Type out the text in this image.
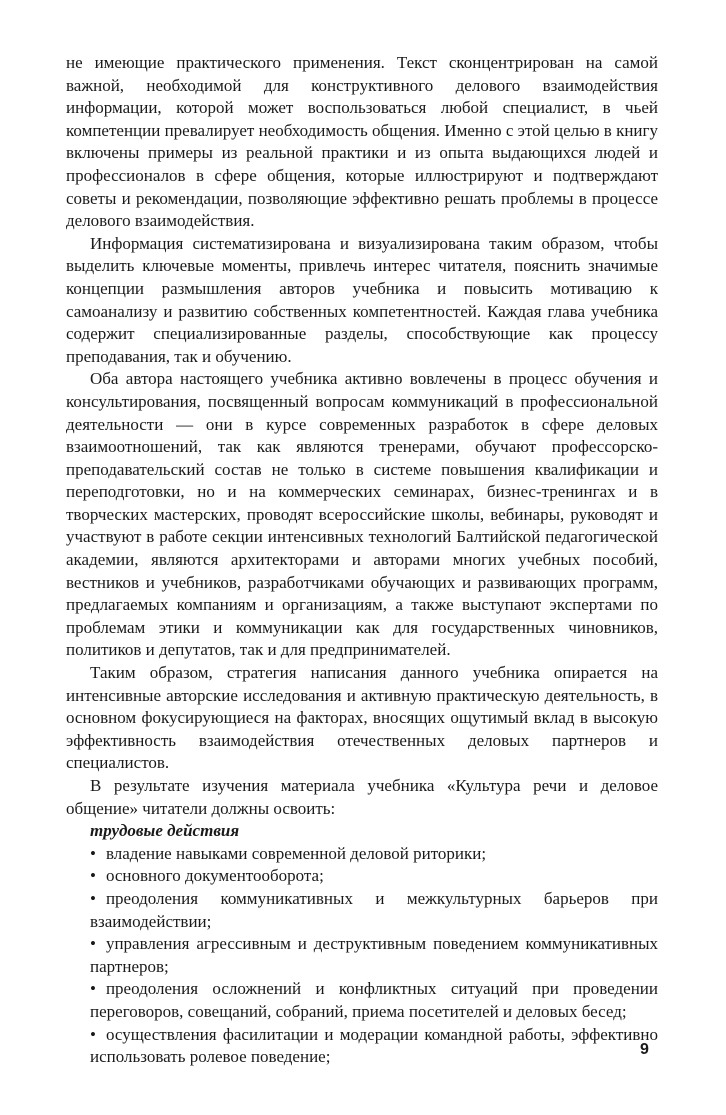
не имеющие практического применения. Текст сконцентрирован на самой важной, необходимой для конструктивного делового взаимодействия информации, которой может воспользоваться любой специалист, в чьей компетенции превалирует необходимость общения. Именно с этой целью в книгу включены примеры из реальной практики и из опыта выдающихся людей и профессионалов в сфере общения, которые иллюстрируют и подтверждают советы и рекомендации, позволяющие эффективно решать проблемы в процессе делового взаимодействия.

Информация систематизирована и визуализирована таким образом, чтобы выделить ключевые моменты, привлечь интерес читателя, пояснить значимые концепции размышления авторов учебника и повысить мотивацию к самоанализу и развитию собственных компетентностей. Каждая глава учебника содержит специализированные разделы, способствующие как процессу преподавания, так и обучению.

Оба автора настоящего учебника активно вовлечены в процесс обучения и консультирования, посвященный вопросам коммуникаций в профессиональной деятельности — они в курсе современных разработок в сфере деловых взаимоотношений, так как являются тренерами, обучают профессорско-преподавательский состав не только в системе повышения квалификации и переподготовки, но и на коммерческих семинарах, бизнес-тренингах и в творческих мастерских, проводят всероссийские школы, вебинары, руководят и участвуют в работе секции интенсивных технологий Балтийской педагогической академии, являются архитекторами и авторами многих учебных пособий, вестников и учебников, разработчиками обучающих и развивающих программ, предлагаемых компаниям и организациям, а также выступают экспертами по проблемам этики и коммуникации как для государственных чиновников, политиков и депутатов, так и для предпринимателей.

Таким образом, стратегия написания данного учебника опирается на интенсивные авторские исследования и активную практическую деятельность, в основном фокусирующиеся на факторах, вносящих ощутимый вклад в высокую эффективность взаимодействия отечественных деловых партнеров и специалистов.

В результате изучения материала учебника «Культура речи и деловое общение» читатели должны освоить:

трудовые действия

• владение навыками современной деловой риторики;

• основного документооборота;

• преодоления коммуникативных и межкультурных барьеров при взаимодействии;

• управления агрессивным и деструктивным поведением коммуникативных партнеров;

• преодоления осложнений и конфликтных ситуаций при проведении переговоров, совещаний, собраний, приема посетителей и деловых бесед;

• осуществления фасилитации и модерации командной работы, эффективно использовать ролевое поведение;	9
